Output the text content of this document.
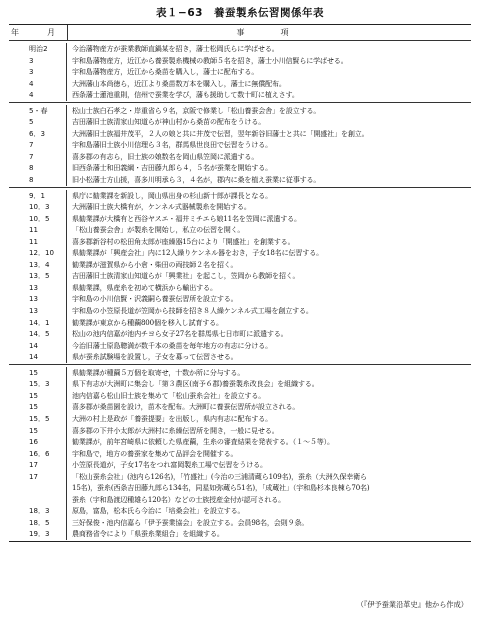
表１−63　養蚕製糸伝習関係年表
年　月	事　項
明治2	今治藩物産方が蚕業教師直鍋某を招き，藩士松岡氏らに学ばせる。
3	宇和島藩物産方，近江から養蚕製糸機械の教師５名を招き，藩士小川信賢らに学ばせる。
3	宇和島藩物産方，近江から桑苗を購入し，藩士に配布する。
4	大洲藩山本尚徳ら，近江より桑苗数万本を購入し，藩士に無償配布。
4	西条藩士蓮池重則，信州で蚕業を学び，藩も援助して数十町に植えさす。
5・春	松山士族白石孝之・岸重省ら９名，京阪で修業し「松山養蚕会舎」を設立する。
5	吉田藩旧士族清家山知道らが神山村から桑苗の配布をうける。
6．3	大洲藩旧士族福井茂平，２人の娘と共に井茂で伝習，翌年新谷旧藩士と共に「開盛社」を創立。
7	宇和島藩旧士族小川信理ら３名，群馬県世良田で伝習をうける。
7	喜多郡の有志ら，旧士族の娘数名を岡山県笠岡に派遣する。
8	旧西条藩士和田義綱・吉田藤九郎ら４，５名が蚕業を開始する。
8	旧小松藩士方山援，喜多川明承ら３，４名が，郡内に桑を植え蚕業に従事する。
9．1	県庁に勧業課を新設し，岡山県出身の杉山新十郎が課長となる。
10．3	大洲藩旧士族大橋有が，ケンネル式器械製糸を開始する。
10．5	県勧業課が大橋有と西谷ヤスエ・福井ミチエら娘11名を笠岡に派遣する。
11	「松山養蚕会舎」が製糸を開始し，私立の伝習を開く。
11	喜多郡新谷村の松田角太郎が座繰器15台により「開盛社」を創業する。
12．10	県勧業課が「興産会社」内に12人繰りケンネル器をおき，子女18名に伝習する。
13．4	勧業課が滋賀県から小倉・柴田の両技師２名を招く。
13．5	吉田藩旧士族清家山知道らが「興業社」を起こし，笠岡から教師を招く。
13	県勧業課，県産糸を初めて横浜から輸出する。
13	宇和島の小川信賢・沢義嗣ら養蚕伝習所を設立する。
13	宇和島の小笠原長道が笠岡から技師を招き８人繰ケンネル式工場を創立する。
14．1	勧業課が東京から種繭800個を移入し試育する。
14．5	松山の池内信嘉が池内チヨら女子27名を群馬県七日市町に派遣する。
14	今治旧藩士原島聰満が数千本の桑苗を毎年地方の有志に分ける。
14	県が蚕糸試験場を設置し，子女を募って伝習させる。
15	県勧業課が種繭５万個を取寄せ，十数か所に分与する。
15．3	県下有志が大洲町に集会し「第３農区(南予６郡)養蚕製糸改良会」を組織する。
15	池内信嘉ら松山旧士族を集めて「松山蚕糸会社」を設立する。
15	喜多郡が桑苗園を設け，苗木を配布。大洲町に養蚕伝習所が設立される。
15．5	大洲の村上是政が「養蚕提要」を出版し，県内有志に配布する。
15	喜多郡の下井小太郎が大洲村に糸繰伝習所を開き，一般に見せる。
16	勧業課が，前年宮崎県に依頼した県産繭，生糸の審査結果を発表する。（１〜５等）。
16．6	宇和島で，地方の養蚕家を集めて品評会を開催する。
17	小笠原長道が，子女17名をつれ富岡製糸工場で伝習をうける。
17	「松山蚕糸会社」(池内ら126名)，「竹盛社」(今治の三浦清蔵ら109名)，蚕糸（大洲久保幸衛ら
15名)，蚕糸(西条吉田藤九郎ら134名，同星如弥蔵ら51名)，「成蔵社」（宇和島杉本良棟ら70名)
蚕糸（宇和島渡辺種雄ら120名）などの士族授産金付が認可される。
18．3	原島，富島，松本氏ら今治に「培桑会社」を設立する。
18．5	三好保俊・池内信嘉ら「伊予蚕業協会」を設立する。会員98名，会則９条。
19．3	農商務省令により「県蚕糸業組合」を組織する。
（『伊予蚕業沿革史』他から作成）
